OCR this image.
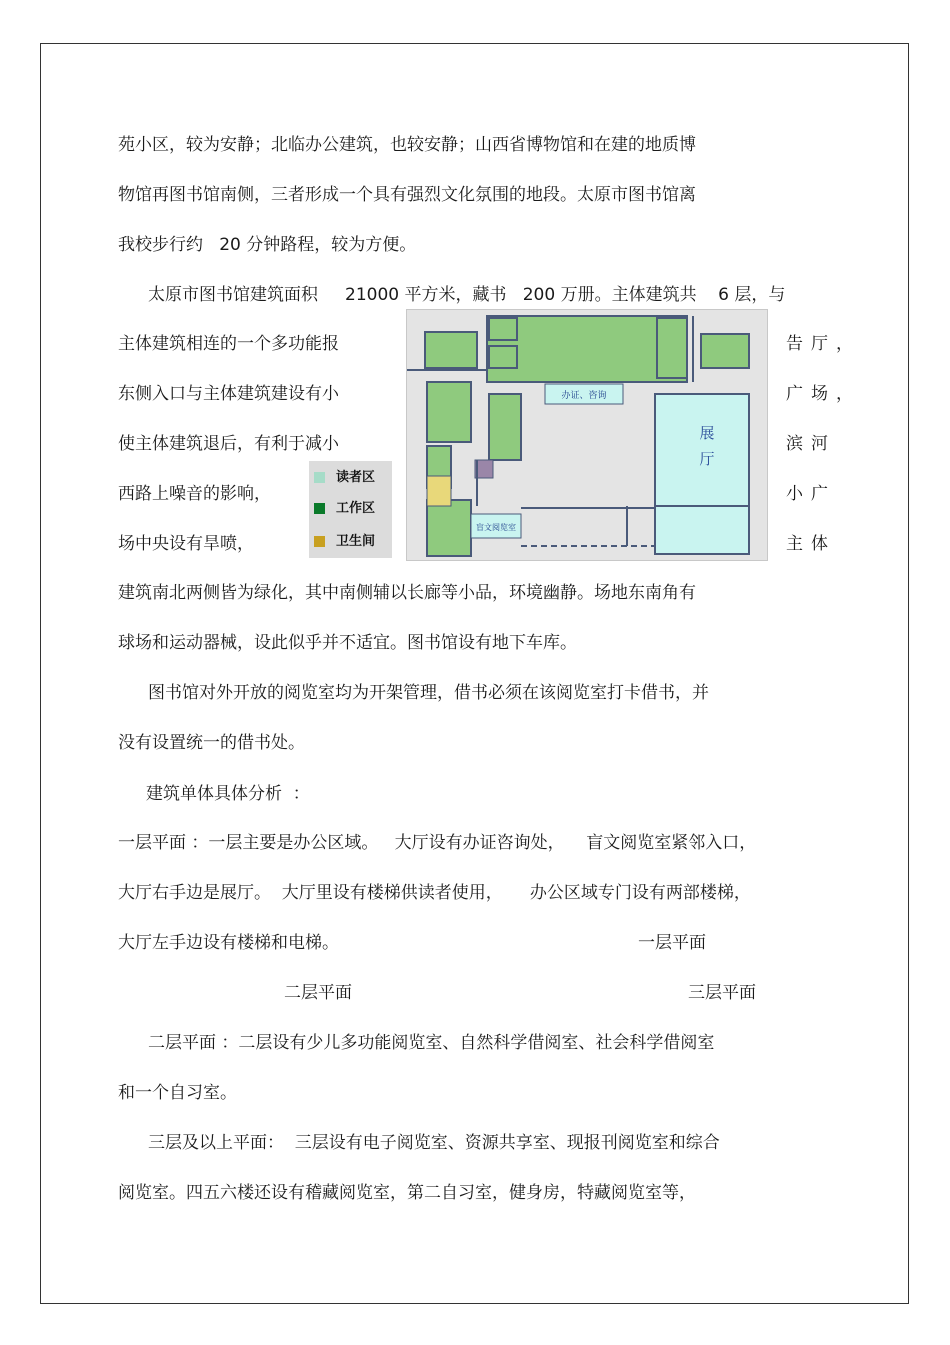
苑小区，较为安静；北临办公建筑，也较安静；山西省博物馆和在建的地质博
物馆再图书馆南侧，三者形成一个具有强烈文化氛围的地段。太原市图书馆离
我校步行约   20 分钟路程，较为方便。
太原市图书馆建筑面积     21000 平方米，藏书   200 万册。主体建筑共    6 层，与
主体建筑相连的一个多功能报	告厅，
东侧入口与主体建筑建设有小	广场，
使主体建筑退后，有利于减小	滨河
西路上噪音的影响，	小广
场中央设有旱喷，	主体
办证、咨询
展
厅
盲文阅览室
读者区
工作区
卫生间
建筑南北两侧皆为绿化，其中南侧辅以长廊等小品，环境幽静。场地东南角有
球场和运动器械，设此似乎并不适宜。图书馆设有地下车库。
图书馆对外开放的阅览室均为开架管理，借书必须在该阅览室打卡借书，并
没有设置统一的借书处。
建筑单体具体分析  ：
一层平面 ：一层主要是办公区域。   大厅设有办证咨询处，    盲文阅览室紧邻入口，
大厅右手边是展厅。  大厅里设有楼梯供读者使用，     办公区域专门设有两部楼梯，
大厅左手边设有楼梯和电梯。	一层平面
二层平面	三层平面
二层平面 ：二层设有少儿多功能阅览室、自然科学借阅室、社会科学借阅室
和一个自习室。
三层及以上平面：  三层设有电子阅览室、资源共享室、现报刊阅览室和综合
阅览室。四五六楼还设有稽藏阅览室，第二自习室，健身房，特藏阅览室等，
